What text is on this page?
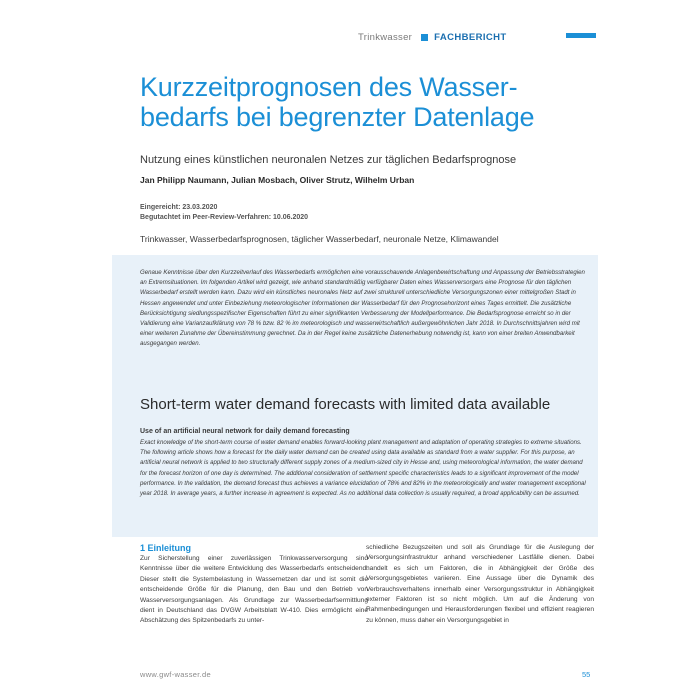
Trinkwasser FACHBERICHT
Kurzzeitprognosen des Wasser-bedarfs bei begrenzter Datenlage
Nutzung eines künstlichen neuronalen Netzes zur täglichen Bedarfsprognose
Jan Philipp Naumann, Julian Mosbach, Oliver Strutz, Wilhelm Urban
Eingereicht: 23.03.2020
Begutachtet im Peer-Review-Verfahren: 10.06.2020
Trinkwasser, Wasserbedarfsprognosen, täglicher Wasserbedarf, neuronale Netze, Klimawandel

Genaue Kenntnisse über den Kurzzeitverlauf des Wasserbedarfs ermöglichen eine vorausschauende Anlagenbewirtschaftung und Anpassung der Betriebsstrategien an Extremsituationen. Im folgenden Artikel wird gezeigt, wie anhand standardmäßig verfügbarer Daten eines Wasserversorgers eine Prognose für den täglichen Wasserbedarf erstellt werden kann. Dazu wird ein künstliches neuronales Netz auf zwei strukturell unterschiedliche Versorgungszonen einer mittelgroßen Stadt in Hessen angewendet und unter Einbeziehung meteorologischer Informationen der Wasserbedarf für den Prognosehorizont eines Tages ermittelt. Die zusätzliche Berücksichtigung siedlungsspezifischer Eigenschaften führt zu einer signifikanten Verbesserung der Modellperformance. Die Bedarfsprognose erreicht so in der Validierung eine Varianzaufklärung von 78 % bzw. 82 % im meteorologisch und wasserwirtschaftlich außergewöhnlichen Jahr 2018. In Durchschnittsjahren wird mit einer weiteren Zunahme der Übereinstimmung gerechnet. Da in der Regel keine zusätzliche Datenerhebung notwendig ist, kann von einer breiten Anwendbarkeit ausgegangen werden.

Short-term water demand forecasts with limited data available
Use of an artificial neural network for daily demand forecasting

Exact knowledge of the short-term course of water demand enables forward-looking plant management and adaptation of operating strategies to extreme situations. The following article shows how a forecast for the daily water demand can be created using data available as standard from a water supplier. For this purpose, an artificial neural network is applied to two structurally different supply zones of a medium-sized city in Hesse and, using meteorological information, the water demand for the forecast horizon of one day is determined. The additional consideration of settlement specific characteristics leads to a significant improvement of the model performance. In the validation, the demand forecast thus achieves a variance elucidation of 78% and 82% in the meteorologically and water management exceptional year 2018. In average years, a further increase in agreement is expected. As no additional data collection is usually required, a broad applicability can be assumed.

1 Einleitung

Zur Sicherstellung einer zuverlässigen Trinkwasserversorgung sind Kenntnisse über die weitere Entwicklung des Wasserbedarfs entscheidend. Dieser stellt die Systembelastung in Wassernetzen dar und ist somit die entscheidende Größe für die Planung, den Bau und den Betrieb von Wasserversorgungsanlagen. Als Grundlage zur Wasserbedarfsermittlung dient in Deutschland das DVGW Arbeitsblatt W-410. Dies ermöglicht eine Abschätzung des Spitzenbedarfs zu unter-

schiedliche Bezugszeiten und soll als Grundlage für die Auslegung der Versorgungsinfrastruktur anhand verschiedener Lastfälle dienen. Dabei handelt es sich um Faktoren, die in Abhängigkeit der Größe des Versorgungsgebietes variieren. Eine Aussage über die Dynamik des Verbrauchsverhaltens innerhalb einer Versorgungsstruktur in Abhängigkeit externer Faktoren ist so nicht möglich. Um auf die Änderung von Rahmenbedingungen und Herausforderungen flexibel und effizient reagieren zu können, muss daher ein Versorgungsgebiet in

www.gwf-wasser.de	55
